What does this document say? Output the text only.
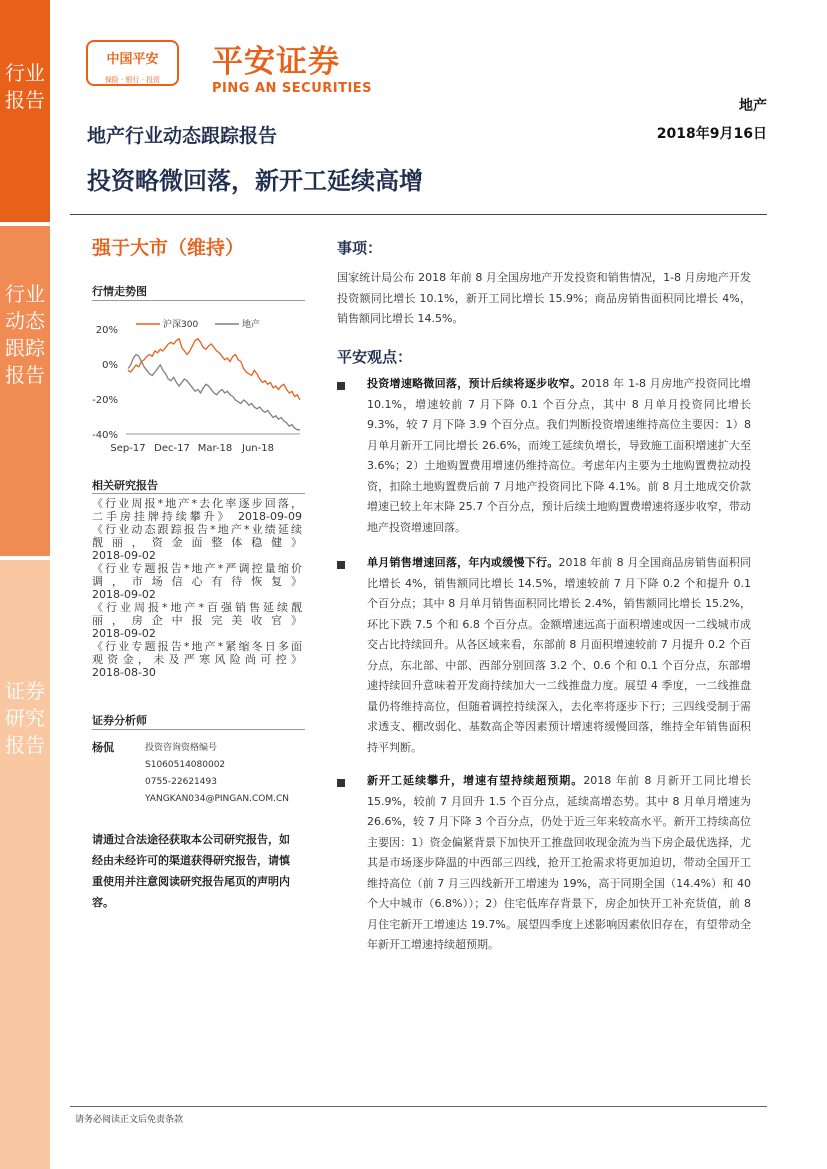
行业报告
行业动态跟踪报告
证券研究报告
中国平安
保险 · 银行 · 投资	平安证券
PING AN SECURITIES
地产
地产行业动态跟踪报告	2018年9月16日
投资略微回落，新开工延续高增
强于大市（维持）
行情走势图
沪深300	地产
20%
0%
-20%
-40%
Sep-17 Dec-17 Mar-18 Jun-18
相关研究报告
《行业周报*地产*去化率逐步回落，
二手房挂牌持续攀升》 2018-09-09
《行业动态跟踪报告*地产*业绩延续
靓丽，资金面整体稳健》
2018-09-02
《行业专题报告*地产*严调控量缩价
调，市场信心有待恢复》
2018-09-02
《行业周报*地产*百强销售延续靓
丽，房企中报完美收官》
2018-09-02
《行业专题报告*地产*紧缩冬日多面
观资金，未及严寒风险尚可控》
2018-08-30
证券分析师
杨侃	投资咨询资格编号
S1060514080002
0755-22621493
YANGKAN034@PINGAN.COM.CN
请通过合法途径获取本公司研究报告，如经由未经许可的渠道获得研究报告，请慎重使用并注意阅读研究报告尾页的声明内容。
事项：
国家统计局公布 2018 年前 8 月全国房地产开发投资和销售情况，1-8 月房地产开发投资额同比增长 10.1%，新开工同比增长 15.9%；商品房销售面积同比增长 4%，销售额同比增长 14.5%。
平安观点：
投资增速略微回落，预计后续将逐步收窄。2018 年 1-8 月房地产投资同比增 10.1%，增速较前 7 月下降 0.1 个百分点，其中 8 月单月投资同比增长 9.3%，较 7 月下降 3.9 个百分点。我们判断投资增速维持高位主要因：1）8 月单月新开工同比增长 26.6%，而竣工延续负增长，导致施工面积增速扩大至 3.6%；2）土地购置费用增速仍维持高位。考虑年内主要为土地购置费拉动投资，扣除土地购置费后前 7 月地产投资同比下降 4.1%。前 8 月土地成交价款增速已较上年末降 25.7 个百分点，预计后续土地购置费增速将逐步收窄，带动地产投资增速回落。
单月销售增速回落，年内或缓慢下行。2018 年前 8 月全国商品房销售面积同比增长 4%，销售额同比增长 14.5%，增速较前 7 月下降 0.2 个和提升 0.1 个百分点；其中 8 月单月销售面积同比增长 2.4%，销售额同比增长 15.2%，环比下跌 7.5 个和 6.8 个百分点。金额增速远高于面积增速或因一二线城市成交占比持续回升。从各区域来看，东部前 8 月面积增速较前 7 月提升 0.2 个百分点，东北部、中部、西部分别回落 3.2 个、0.6 个和 0.1 个百分点，东部增速持续回升意味着开发商持续加大一二线推盘力度。展望 4 季度，一二线推盘量仍将维持高位，但随着调控持续深入，去化率将逐步下行；三四线受制于需求透支、棚改弱化、基数高企等因素预计增速将缓慢回落，维持全年销售面积持平判断。
新开工延续攀升，增速有望持续超预期。2018 年前 8 月新开工同比增长 15.9%，较前 7 月回升 1.5 个百分点，延续高增态势。其中 8 月单月增速为 26.6%，较 7 月下降 3 个百分点，仍处于近三年来较高水平。新开工持续高位主要因：1）资金偏紧背景下加快开工推盘回收现金流为当下房企最优选择，尤其是市场逐步降温的中西部三四线，抢开工抢需求将更加迫切，带动全国开工维持高位（前 7 月三四线新开工增速为 19%，高于同期全国（14.4%）和 40 个大中城市（6.8%））；2）住宅低库存背景下，房企加快开工补充货值，前 8 月住宅新开工增速达 19.7%。展望四季度上述影响因素依旧存在，有望带动全年新开工增速持续超预期。
请务必阅读正文后免责条款
